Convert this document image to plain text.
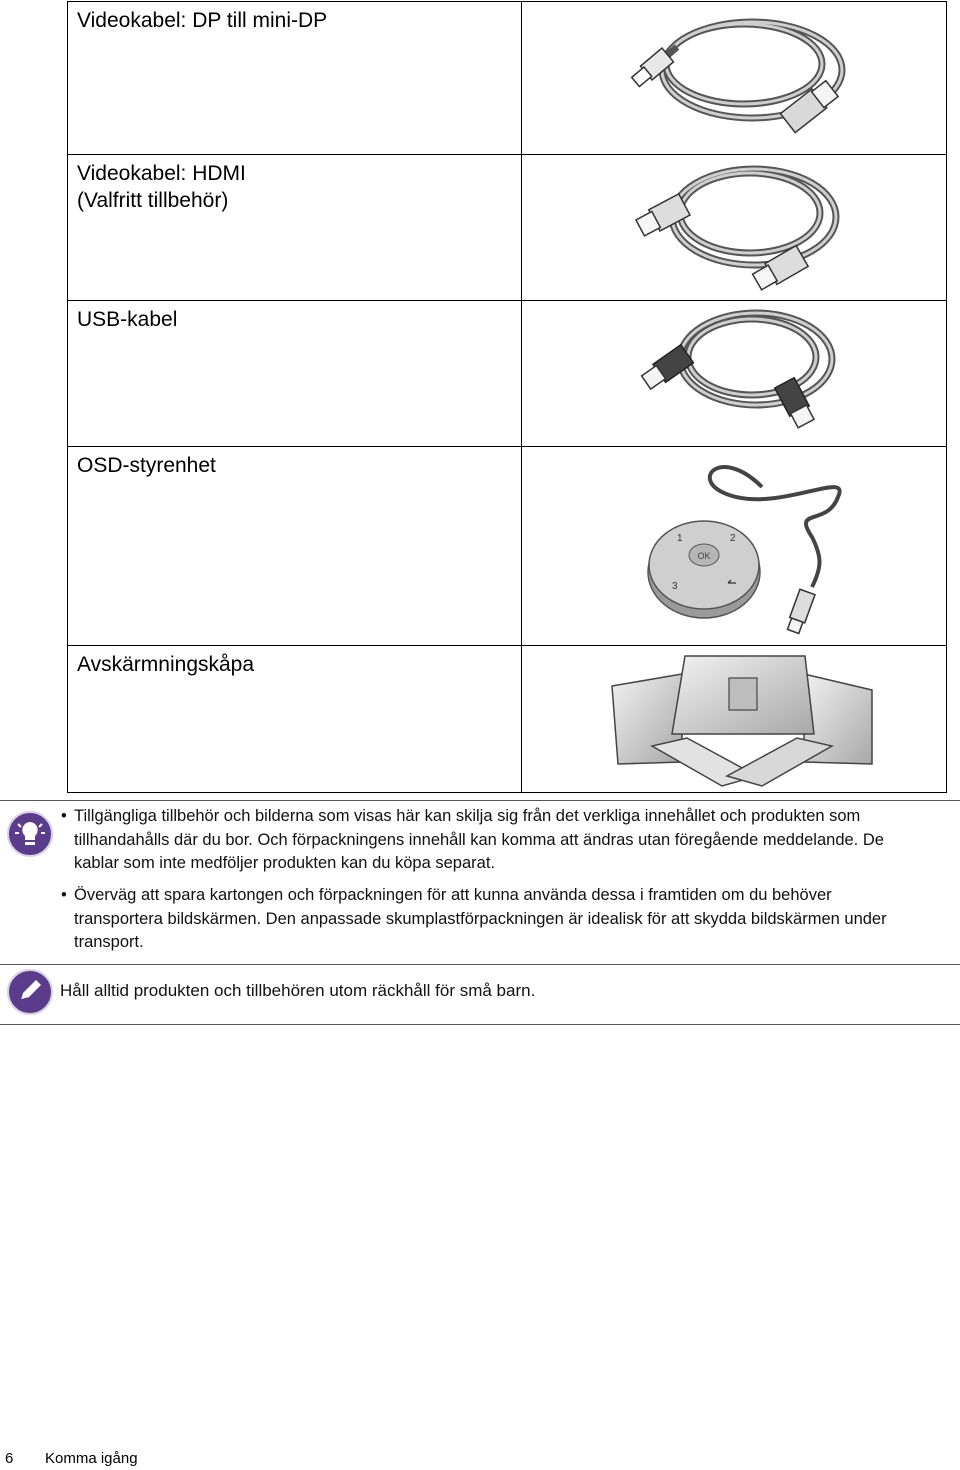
Videokabel: DP till mini-DP

Videokabel: HDMI
(Valfritt tillbehör)

USB-kabel

OSD-styrenhet	OK
1 2
3

Avskärmningskåpa

• Tillgängliga tillbehör och bilderna som visas här kan skilja sig från det verkliga innehållet och produkten som
tillhandahålls där du bor. Och förpackningens innehåll kan komma att ändras utan föregående meddelande. De
kablar som inte medföljer produkten kan du köpa separat.
• Överväg att spara kartongen och förpackningen för att kunna använda dessa i framtiden om du behöver
transportera bildskärmen. Den anpassade skumplastförpackningen är idealisk för att skydda bildskärmen under
transport.
Håll alltid produkten och tillbehören utom räckhåll för små barn.
6 Komma igång
